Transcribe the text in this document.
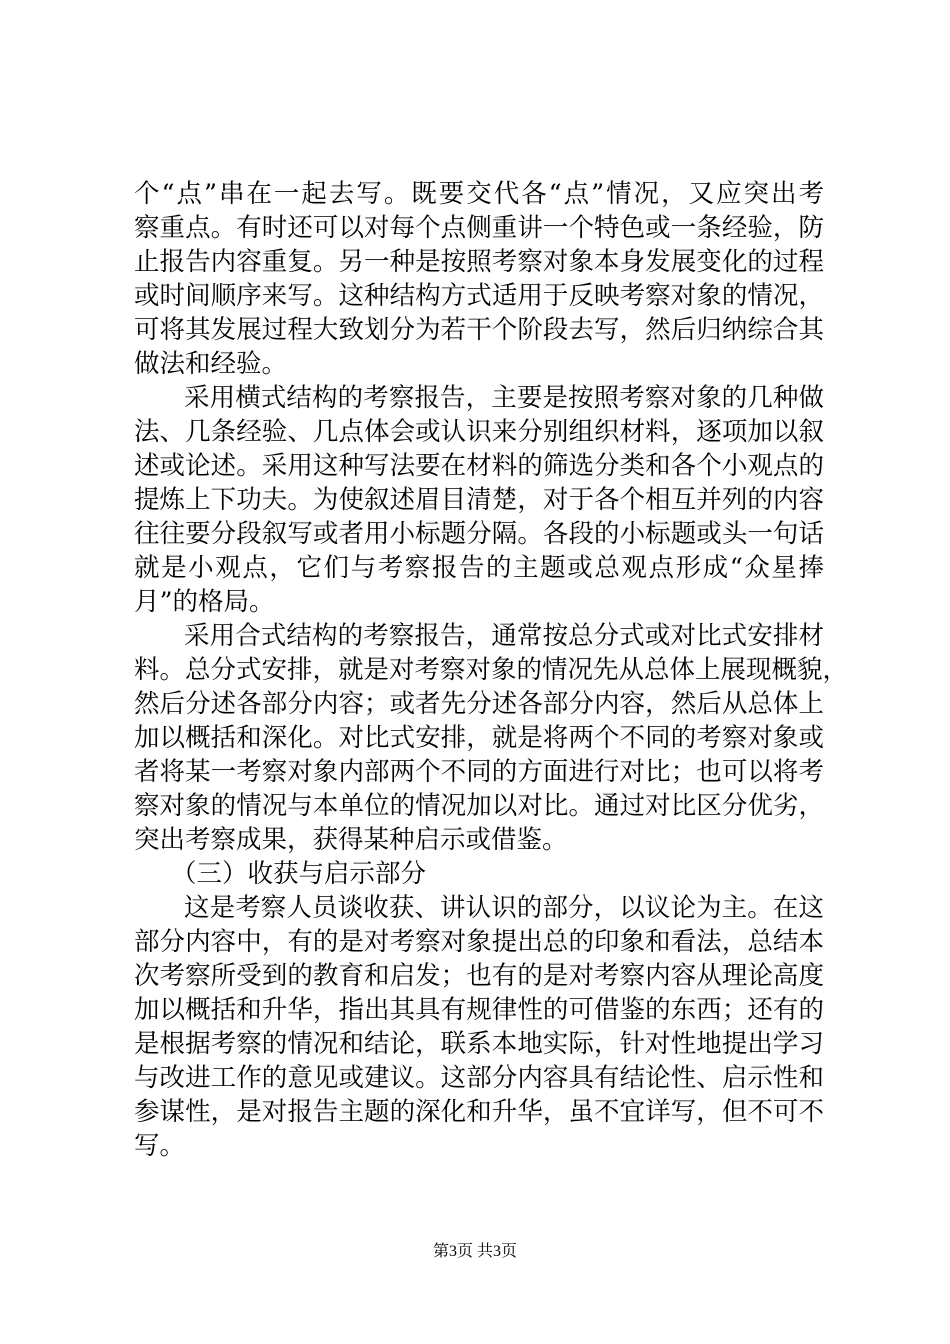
个“点”串在一起去写。既要交代各“点”情况，又应突出考
察重点。有时还可以对每个点侧重讲一个特色或一条经验，防
止报告内容重复。另一种是按照考察对象本身发展变化的过程
或时间顺序来写。这种结构方式适用于反映考察对象的情况，
可将其发展过程大致划分为若干个阶段去写，然后归纳综合其
做法和经验。
采用横式结构的考察报告，主要是按照考察对象的几种做
法、几条经验、几点体会或认识来分别组织材料，逐项加以叙
述或论述。采用这种写法要在材料的筛选分类和各个小观点的
提炼上下功夫。为使叙述眉目清楚，对于各个相互并列的内容
往往要分段叙写或者用小标题分隔。各段的小标题或头一句话
就是小观点，它们与考察报告的主题或总观点形成“众星捧
月”的格局。
采用合式结构的考察报告，通常按总分式或对比式安排材
料。总分式安排，就是对考察对象的情况先从总体上展现概貌，
然后分述各部分内容；或者先分述各部分内容，然后从总体上
加以概括和深化。对比式安排，就是将两个不同的考察对象或
者将某一考察对象内部两个不同的方面进行对比；也可以将考
察对象的情况与本单位的情况加以对比。通过对比区分优劣，
突出考察成果，获得某种启示或借鉴。
（三）收获与启示部分
这是考察人员谈收获、讲认识的部分，以议论为主。在这
部分内容中，有的是对考察对象提出总的印象和看法，总结本
次考察所受到的教育和启发；也有的是对考察内容从理论高度
加以概括和升华，指出其具有规律性的可借鉴的东西；还有的
是根据考察的情况和结论，联系本地实际，针对性地提出学习
与改进工作的意见或建议。这部分内容具有结论性、启示性和
参谋性，是对报告主题的深化和升华，虽不宜详写，但不可不
写。
第3页 共3页
